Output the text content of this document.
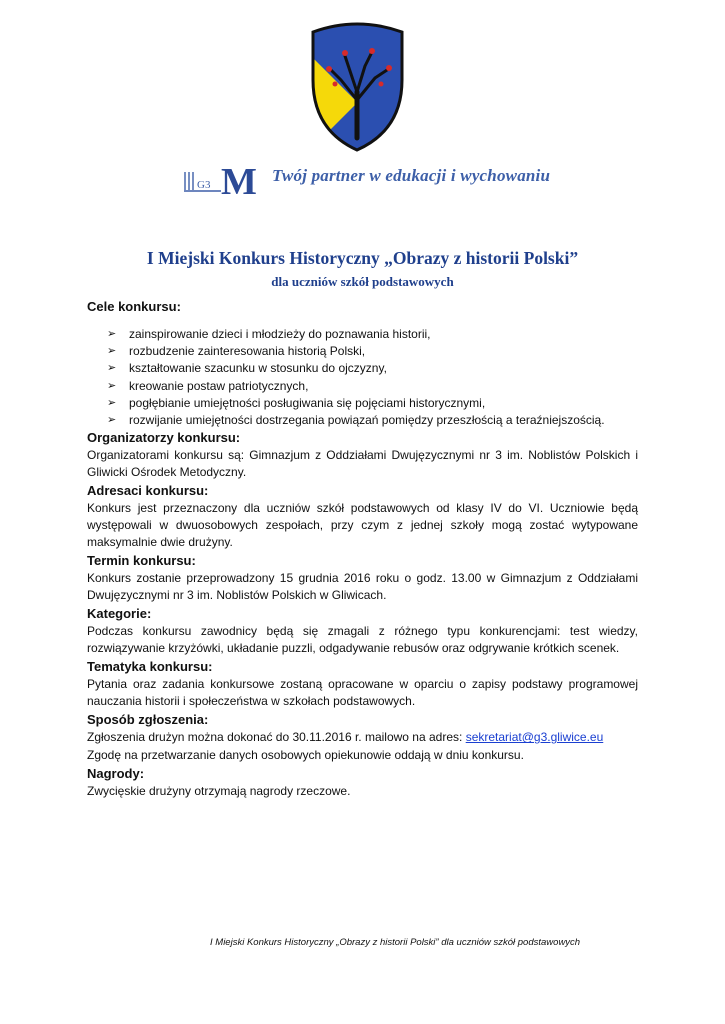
G3 M Twój partner w edukacji i wychowaniu
I Miejski Konkurs Historyczny „Obrazy z historii Polski”
dla uczniów szkół podstawowych
Cele konkursu:
➢ zainspirowanie dzieci i młodzieży do poznawania historii,
➢ rozbudzenie zainteresowania historią Polski,
➢ kształtowanie szacunku w stosunku do ojczyzny,
➢ kreowanie postaw patriotycznych,
➢ pogłębianie umiejętności posługiwania się pojęciami historycznymi,
➢ rozwijanie umiejętności dostrzegania powiązań pomiędzy przeszłością a teraźniejszością.
Organizatorzy konkursu:

Organizatorami konkursu są: Gimnazjum z Oddziałami Dwujęzycznymi nr 3 im. Noblistów Polskich i Gliwicki Ośrodek Metodyczny.

Adresaci konkursu:

Konkurs jest przeznaczony dla uczniów szkół podstawowych od klasy IV do VI. Uczniowie będą występowali w dwuosobowych zespołach, przy czym z jednej szkoły mogą zostać wytypowane maksymalnie dwie drużyny.

Termin konkursu:

Konkurs zostanie przeprowadzony 15 grudnia 2016 roku o godz. 13.00 w Gimnazjum z Oddziałami Dwujęzycznymi nr 3 im. Noblistów Polskich w Gliwicach.

Kategorie:

Podczas konkursu zawodnicy będą się zmagali z różnego typu konkurencjami: test wiedzy, rozwiązywanie krzyżówki, układanie puzzli, odgadywanie rebusów oraz odgrywanie krótkich scenek.

Tematyka konkursu:

Pytania oraz zadania konkursowe zostaną opracowane w oparciu o zapisy podstawy programowej nauczania historii i społeczeństwa w szkołach podstawowych.

Sposób zgłoszenia:

Zgłoszenia drużyn można dokonać do 30.11.2016 r. mailowo na adres: sekretariat@g3.gliwice.eu

Zgodę na przetwarzanie danych osobowych opiekunowie oddają w dniu konkursu.

Nagrody:

Zwycięskie drużyny otrzymają nagrody rzeczowe.

I Miejski Konkurs Historyczny „Obrazy z historii Polski” dla uczniów szkół podstawowych
